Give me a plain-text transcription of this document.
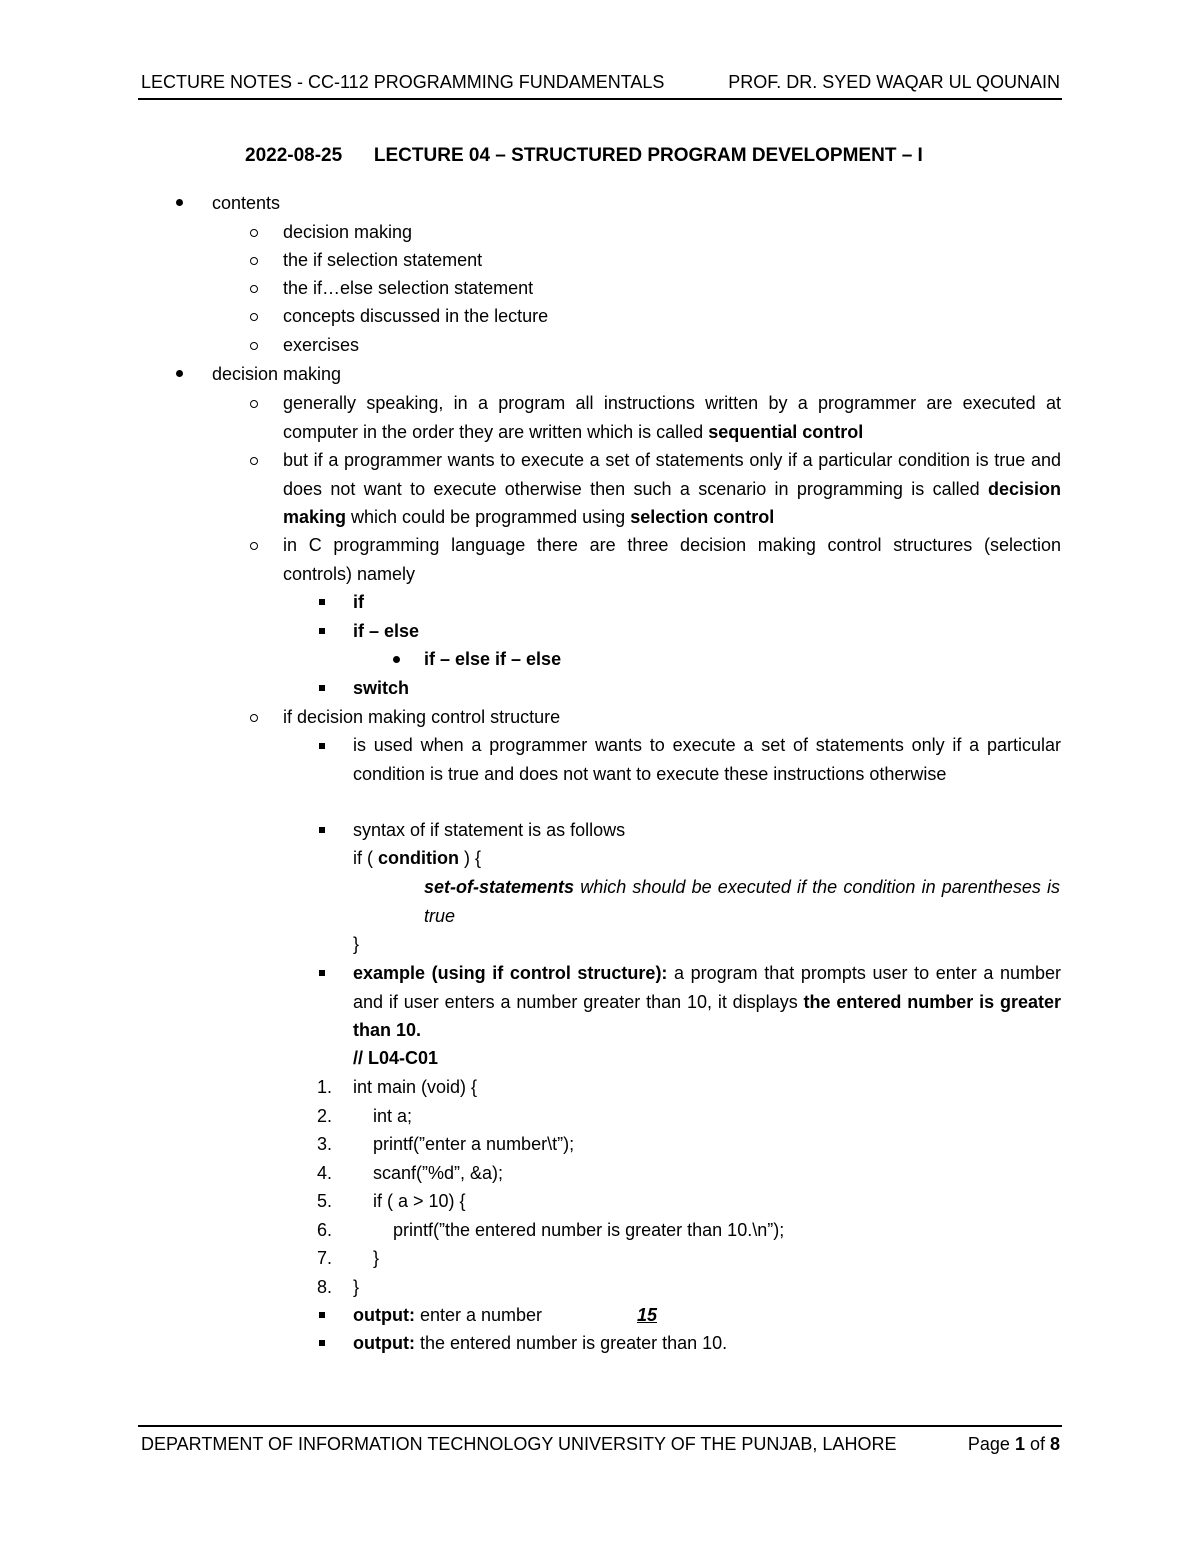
LECTURE NOTES - CC-112 PROGRAMMING FUNDAMENTALS	PROF. DR. SYED WAQAR UL QOUNAIN
2022-08-25 LECTURE 04 – STRUCTURED PROGRAM DEVELOPMENT – I
contents
decision making
the if selection statement
the if…else selection statement
concepts discussed in the lecture
exercises
decision making
generally speaking, in a program all instructions written by a programmer are executed at computer in the order they are written which is called sequential control
but if a programmer wants to execute a set of statements only if a particular condition is true and does not want to execute otherwise then such a scenario in programming is called decision making which could be programmed using selection control
in C programming language there are three decision making control structures (selection controls) namely
if
if – else
if – else if – else
switch
if decision making control structure
is used when a programmer wants to execute a set of statements only if a particular condition is true and does not want to execute these instructions otherwise
syntax of if statement is as follows
if ( condition ) {
set-of-statements which should be executed if the condition in parentheses is true
}
example (using if control structure): a program that prompts user to enter a number and if user enters a number greater than 10, it displays the entered number is greater than 10.
// L04-C01
1. int main (void) {
2. int a;
3. printf(”enter a number\t”);
4. scanf(”%d”, &a);
5. if ( a > 10) {
6.	printf(”the entered number is greater than 10.\n”);
7. }
8. }
output: enter a number	15
output: the entered number is greater than 10.
DEPARTMENT OF INFORMATION TECHNOLOGY UNIVERSITY OF THE PUNJAB, LAHORE	Page 1 of 8
